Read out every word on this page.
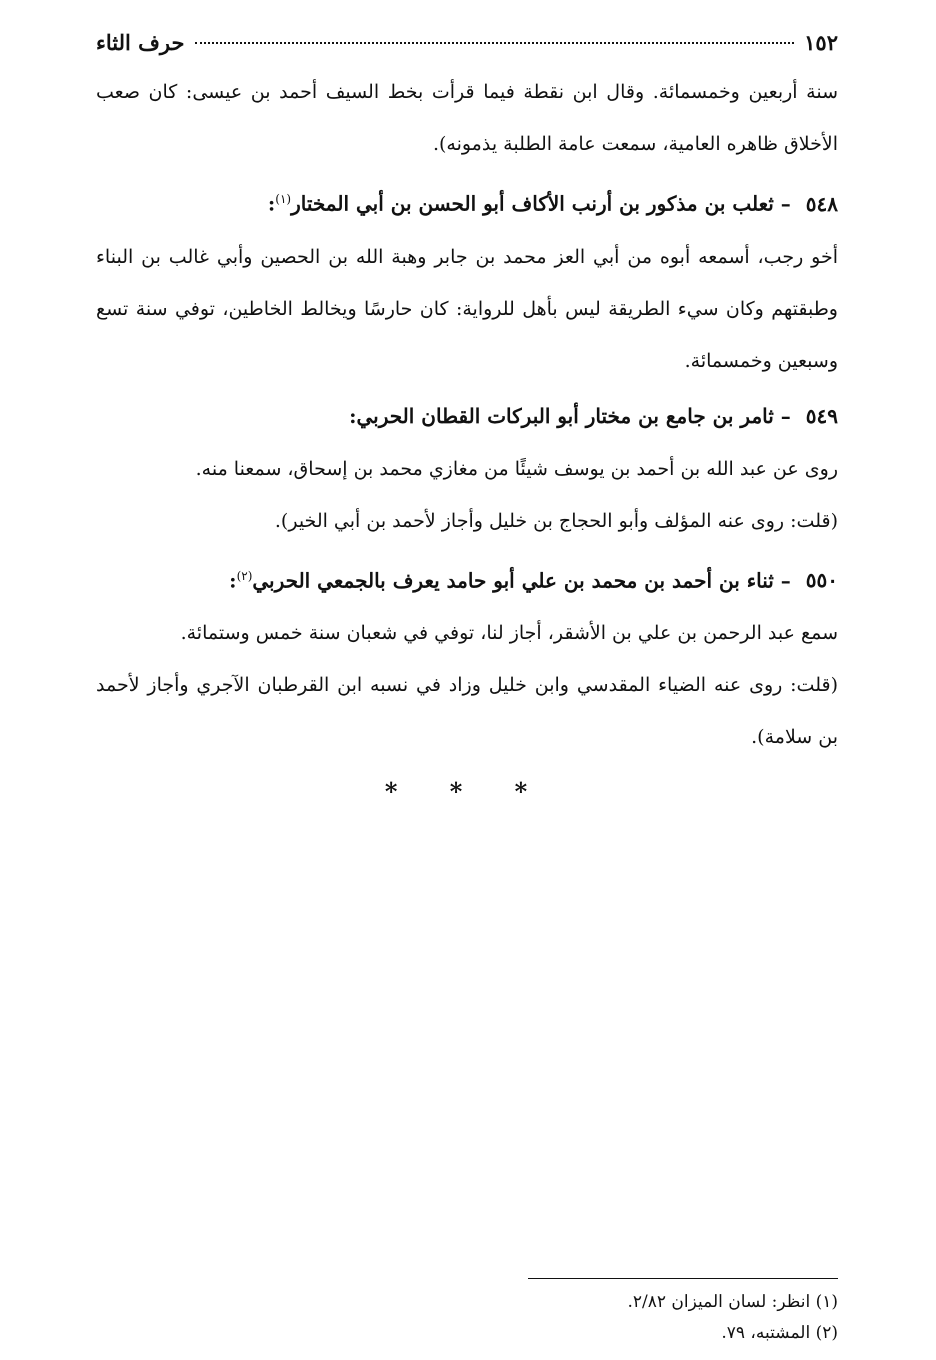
١٥٢
حرف الثاء

سنة أربعين وخمسمائة. وقال ابن نقطة فيما قرأت بخط السيف أحمد بن عيسى: كان صعب الأخلاق ظاهره العامية، سمعت عامة الطلبة يذمونه).

٥٤٨ – ثعلب بن مذكور بن أرنب الأكاف أبو الحسن بن أبي المختار$^{(١)}$:

أخو رجب، أسمعه أبوه من أبي العز محمد بن جابر وهبة الله بن الحصين وأبي غالب بن البناء وطبقتهم وكان سيء الطريقة ليس بأهل للرواية: كان حارسًا ويخالط الخاطين، توفي سنة تسع وسبعين وخمسمائة.

٥٤٩ – ثامر بن جامع بن مختار أبو البركات القطان الحربي:

روى عن عبد الله بن أحمد بن يوسف شيئًا من مغازي محمد بن إسحاق، سمعنا منه.

(قلت: روى عنه المؤلف وأبو الحجاج بن خليل وأجاز لأحمد بن أبي الخير).

٥٥٠ – ثناء بن أحمد بن محمد بن علي أبو حامد يعرف بالجمعي الحربي$^{(٢)}$:

سمع عبد الرحمن بن علي بن الأشقر، أجاز لنا، توفي في شعبان سنة خمس وستمائة.

(قلت: روى عنه الضياء المقدسي وابن خليل وزاد في نسبه ابن القرطبان الآجري وأجاز لأحمد بن سلامة).

* * *
(١) انظر: لسان الميزان ٢/٨٢.
(٢) المشتبه، ٧٩.
